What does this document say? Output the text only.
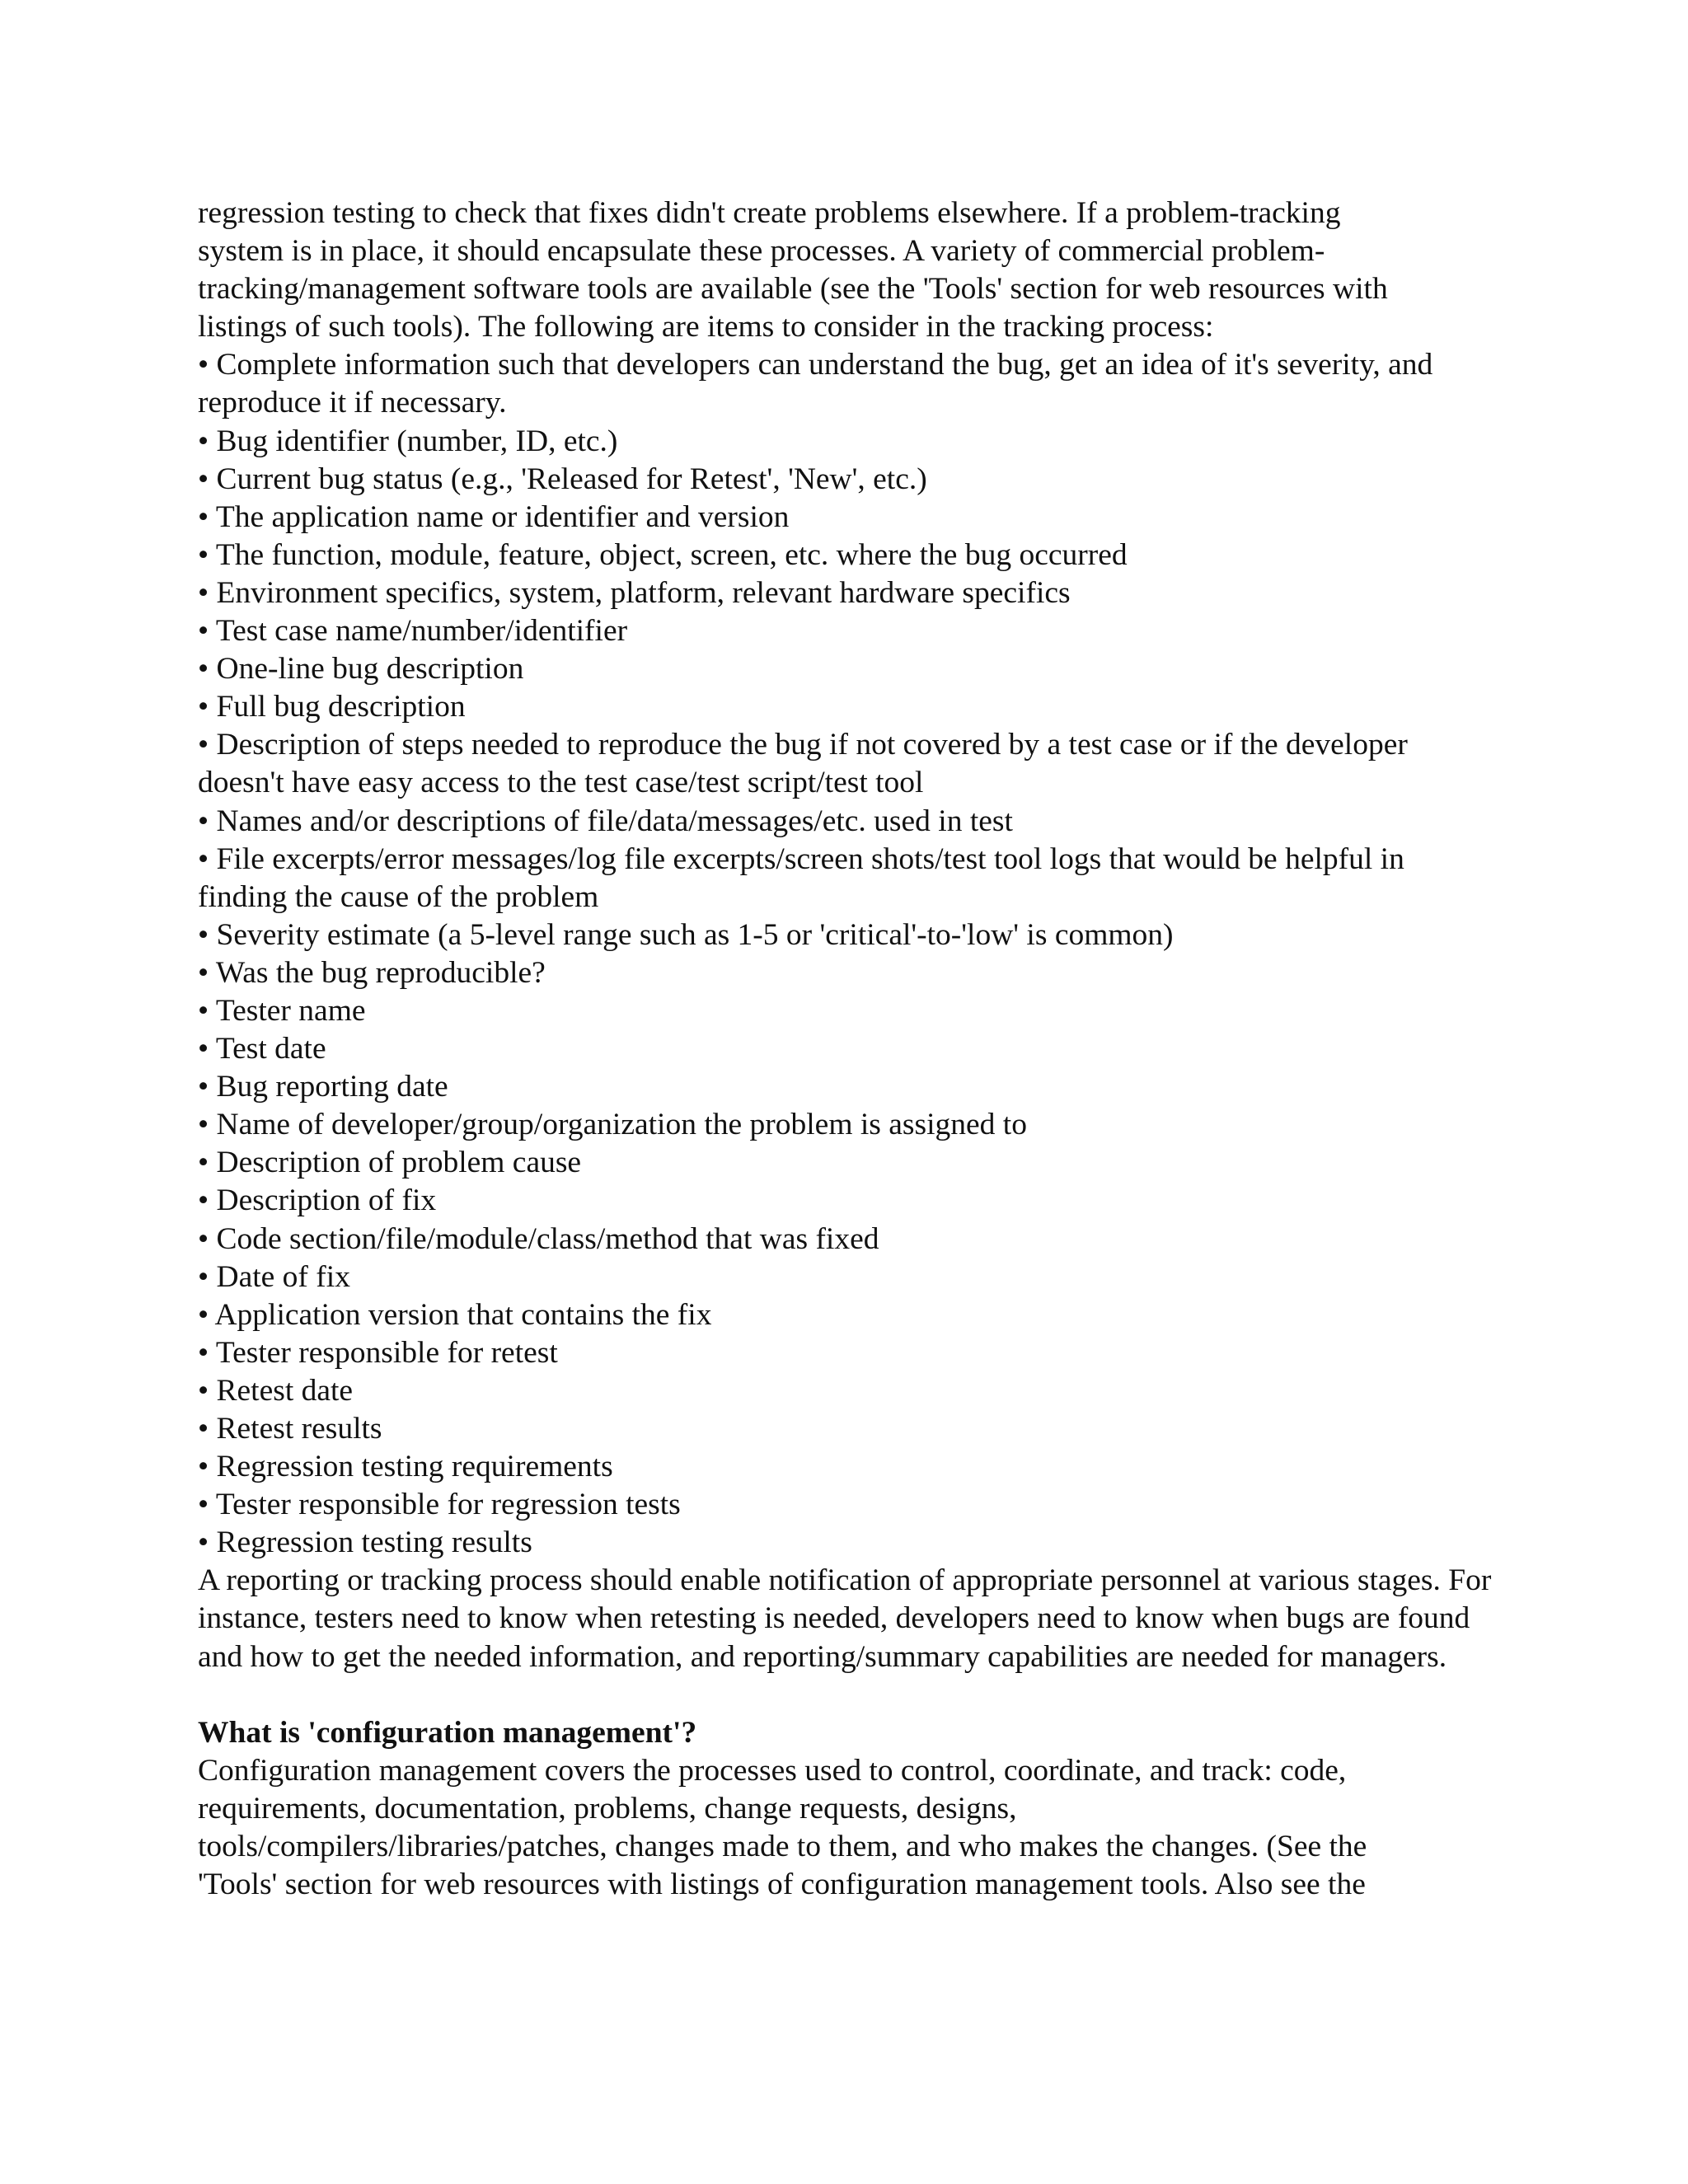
regression testing to check that fixes didn't create problems elsewhere. If a problem-tracking
system is in place, it should encapsulate these processes. A variety of commercial problem-
tracking/management software tools are available (see the 'Tools' section for web resources with
listings of such tools). The following are items to consider in the tracking process:
• Complete information such that developers can understand the bug, get an idea of it's severity, and reproduce it if necessary.
• Bug identifier (number, ID, etc.)
• Current bug status (e.g., 'Released for Retest', 'New', etc.)
• The application name or identifier and version
• The function, module, feature, object, screen, etc. where the bug occurred
• Environment specifics, system, platform, relevant hardware specifics
• Test case name/number/identifier
• One-line bug description
• Full bug description
• Description of steps needed to reproduce the bug if not covered by a test case or if the developer doesn't have easy access to the test case/test script/test tool
• Names and/or descriptions of file/data/messages/etc. used in test
• File excerpts/error messages/log file excerpts/screen shots/test tool logs that would be helpful in finding the cause of the problem
• Severity estimate (a 5-level range such as 1-5 or 'critical'-to-'low' is common)
• Was the bug reproducible?
• Tester name
• Test date
• Bug reporting date
• Name of developer/group/organization the problem is assigned to
• Description of problem cause
• Description of fix
• Code section/file/module/class/method that was fixed
• Date of fix
• Application version that contains the fix
• Tester responsible for retest
• Retest date
• Retest results
• Regression testing requirements
• Tester responsible for regression tests
• Regression testing results

A reporting or tracking process should enable notification of appropriate personnel at various stages. For instance, testers need to know when retesting is needed, developers need to know when bugs are found and how to get the needed information, and reporting/summary capabilities are needed for managers.

What is 'configuration management'?
Configuration management covers the processes used to control, coordinate, and track: code,
requirements, documentation, problems, change requests, designs,
tools/compilers/libraries/patches, changes made to them, and who makes the changes. (See the
'Tools' section for web resources with listings of configuration management tools. Also see the
